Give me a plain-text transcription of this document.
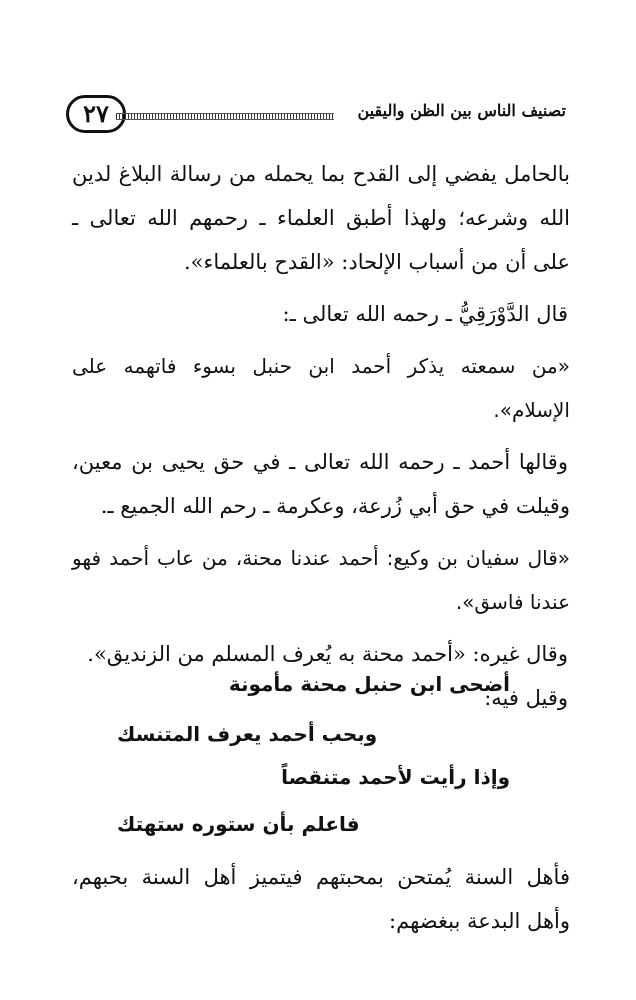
٢٧	تصنيف الناس بين الظن واليقين

بالحامل يفضي إلى القدح بما يحمله من رسالة البلاغ لدين الله وشرعه؛ ولهذا أطبق العلماء ـ رحمهم الله تعالى ـ على أن من أسباب الإلحاد: «القدح بالعلماء».

قال الدَّوْرَقِيُّ ـ رحمه الله تعالى ـ:

«من سمعته يذكر أحمد ابن حنبل بسوء فاتهمه على الإسلام».

وقالها أحمد ـ رحمه الله تعالى ـ في حق يحيى بن معين، وقيلت في حق أبي زُرعة، وعكرمة ـ رحم الله الجميع ـ.

«قال سفيان بن وكيع: أحمد عندنا محنة، من عاب أحمد فهو عندنا فاسق».

وقال غيره: «أحمد محنة به يُعرف المسلم من الزنديق».

وقيل فيه:

أضحى ابن حنبل محنة مأمونة
وبحب أحمد يعرف المتنسك
وإذا رأيت لأحمد متنقصاً
فاعلم بأن ستوره ستهتك

فأهل السنة يُمتحن بمحبتهم فيتميز أهل السنة بحبهم، وأهل البدعة ببغضهم:
